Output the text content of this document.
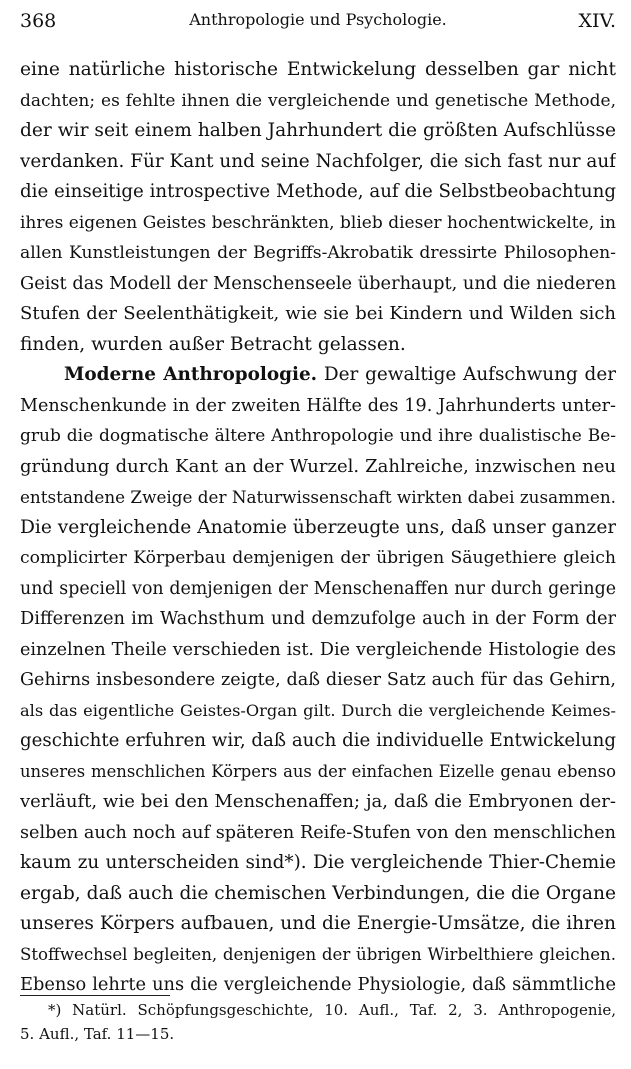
368	Anthropologie und Psychologie.	XIV.
eine natürliche historische Entwickelung desselben gar nicht
dachten; es fehlte ihnen die vergleichende und genetische Methode,
der wir seit einem halben Jahrhundert die größten Aufschlüsse
verdanken. Für Kant und seine Nachfolger, die sich fast nur auf
die einseitige introspective Methode, auf die Selbstbeobachtung
ihres eigenen Geistes beschränkten, blieb dieser hochentwickelte, in
allen Kunstleistungen der Begriffs-Akrobatik dressirte Philosophen-
Geist das Modell der Menschenseele überhaupt, und die niederen
Stufen der Seelenthätigkeit, wie sie bei Kindern und Wilden sich
finden, wurden außer Betracht gelassen.
Moderne Anthropologie. Der gewaltige Aufschwung der
Menschenkunde in der zweiten Hälfte des 19. Jahrhunderts unter-
grub die dogmatische ältere Anthropologie und ihre dualistische Be-
gründung durch Kant an der Wurzel. Zahlreiche, inzwischen neu
entstandene Zweige der Naturwissenschaft wirkten dabei zusammen.
Die vergleichende Anatomie überzeugte uns, daß unser ganzer
complicirter Körperbau demjenigen der übrigen Säugethiere gleich
und speciell von demjenigen der Menschenaffen nur durch geringe
Differenzen im Wachsthum und demzufolge auch in der Form der
einzelnen Theile verschieden ist. Die vergleichende Histologie des
Gehirns insbesondere zeigte, daß dieser Satz auch für das Gehirn,
als das eigentliche Geistes-Organ gilt. Durch die vergleichende Keimes-
geschichte erfuhren wir, daß auch die individuelle Entwickelung
unseres menschlichen Körpers aus der einfachen Eizelle genau ebenso
verläuft, wie bei den Menschenaffen; ja, daß die Embryonen der-
selben auch noch auf späteren Reife-Stufen von den menschlichen
kaum zu unterscheiden sind*). Die vergleichende Thier-Chemie
ergab, daß auch die chemischen Verbindungen, die die Organe
unseres Körpers aufbauen, und die Energie-Umsätze, die ihren
Stoffwechsel begleiten, denjenigen der übrigen Wirbelthiere gleichen.
Ebenso lehrte uns die vergleichende Physiologie, daß sämmtliche
*) Natürl. Schöpfungsgeschichte, 10. Aufl., Taf. 2, 3. Anthropogenie,
5. Aufl., Taf. 11—15.
